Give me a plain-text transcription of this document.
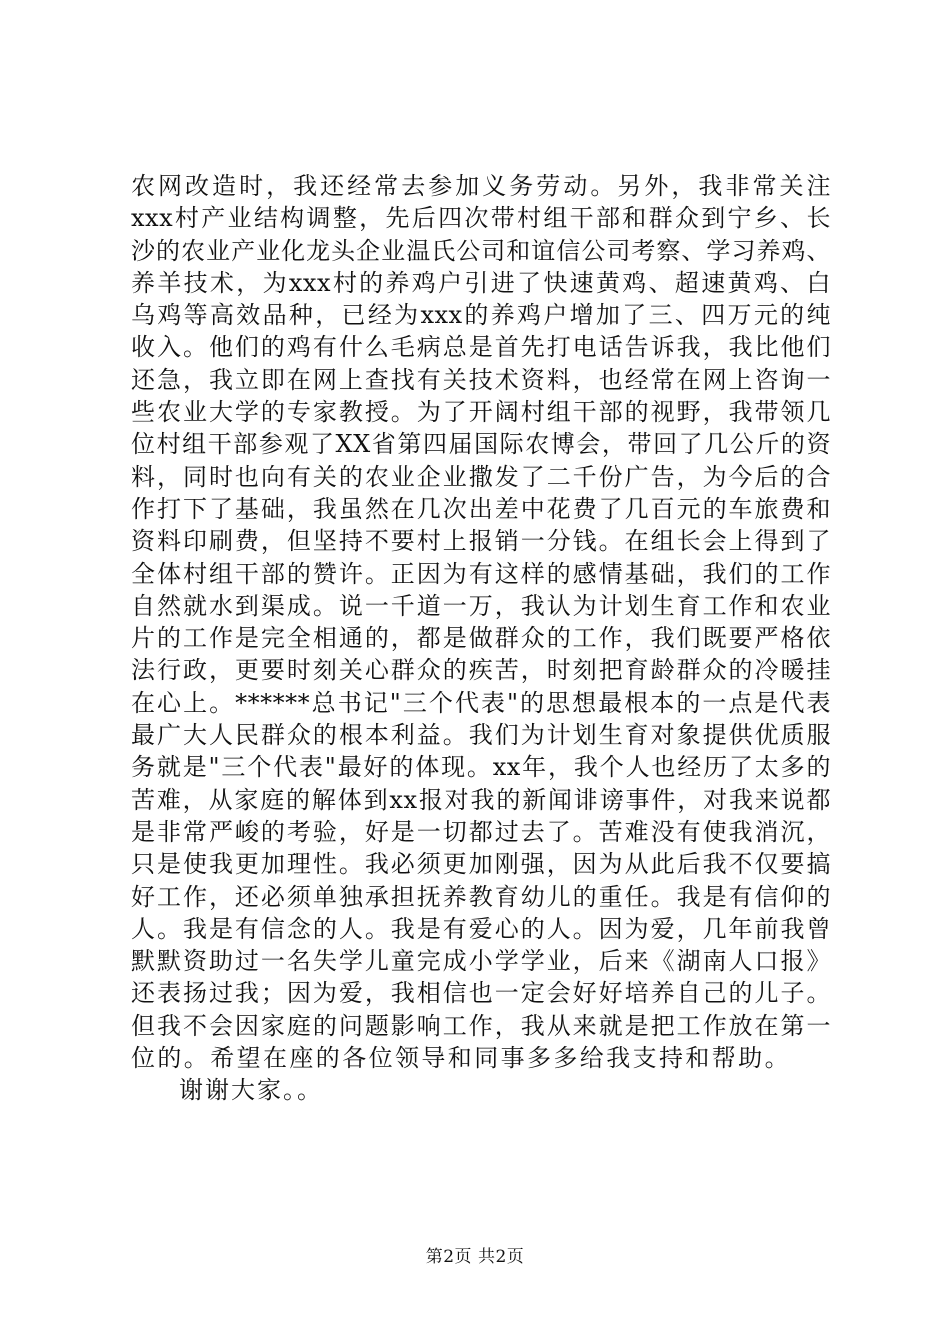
农网改造时，我还经常去参加义务劳动。另外，我非常关注
xxx村产业结构调整，先后四次带村组干部和群众到宁乡、长
沙的农业产业化龙头企业温氏公司和谊信公司考察、学习养鸡、
养羊技术，为xxx村的养鸡户引进了快速黄鸡、超速黄鸡、白
乌鸡等高效品种，已经为xxx的养鸡户增加了三、四万元的纯
收入。他们的鸡有什么毛病总是首先打电话告诉我，我比他们
还急，我立即在网上查找有关技术资料，也经常在网上咨询一
些农业大学的专家教授。为了开阔村组干部的视野，我带领几
位村组干部参观了XX省第四届国际农博会，带回了几公斤的资
料，同时也向有关的农业企业撒发了二千份广告，为今后的合
作打下了基础，我虽然在几次出差中花费了几百元的车旅费和
资料印刷费，但坚持不要村上报销一分钱。在组长会上得到了
全体村组干部的赞许。正因为有这样的感情基础，我们的工作
自然就水到渠成。说一千道一万，我认为计划生育工作和农业
片的工作是完全相通的，都是做群众的工作，我们既要严格依
法行政，更要时刻关心群众的疾苦，时刻把育龄群众的冷暖挂
在心上。******总书记"三个代表"的思想最根本的一点是代表
最广大人民群众的根本利益。我们为计划生育对象提供优质服
务就是"三个代表"最好的体现。xx年，我个人也经历了太多的
苦难，从家庭的解体到xx报对我的新闻诽谤事件，对我来说都
是非常严峻的考验，好是一切都过去了。苦难没有使我消沉，
只是使我更加理性。我必须更加刚强，因为从此后我不仅要搞
好工作，还必须单独承担抚养教育幼儿的重任。我是有信仰的
人。我是有信念的人。我是有爱心的人。因为爱，几年前我曾
默默资助过一名失学儿童完成小学学业，后来《湖南人口报》
还表扬过我；因为爱，我相信也一定会好好培养自己的儿子。
但我不会因家庭的问题影响工作，我从来就是把工作放在第一
位的。希望在座的各位领导和同事多多给我支持和帮助。
谢谢大家。。
第2页 共2页
